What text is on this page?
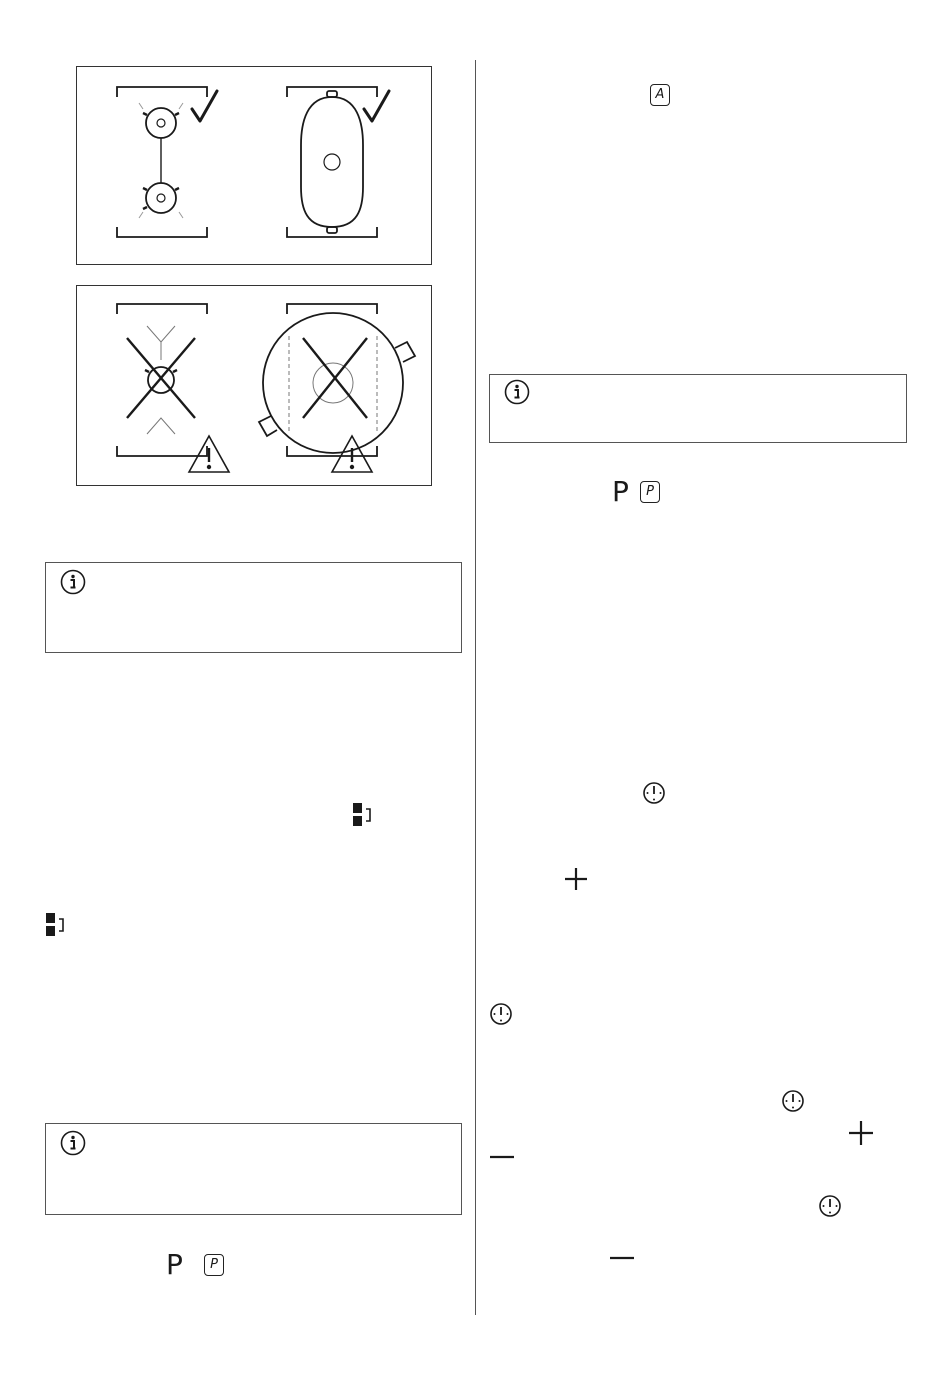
P	P
A
P	P
